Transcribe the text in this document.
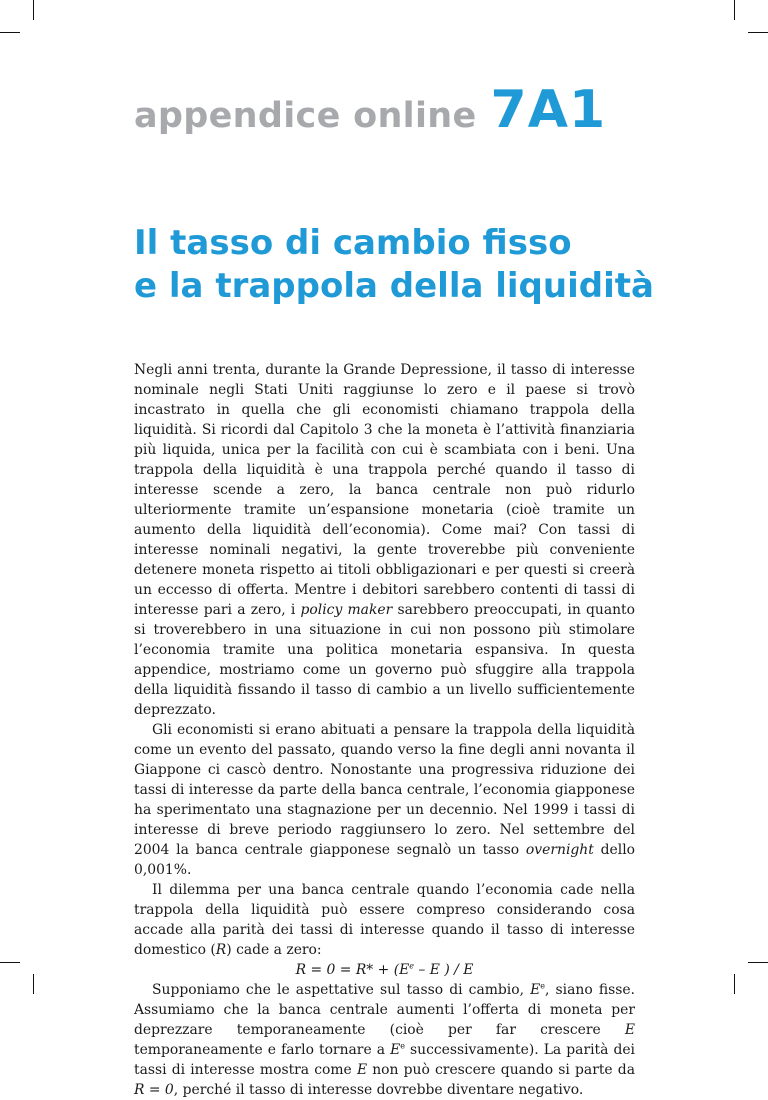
appendice online 7A1
Il tasso di cambio fisso
e la trappola della liquidità

Negli anni trenta, durante la Grande Depressione, il tasso di interesse nominale negli Stati Uniti raggiunse lo zero e il paese si trovò incastrato in quella che gli economisti chiamano trappola della liquidità. Si ricordi dal Capitolo 3 che la moneta è l’attività finanziaria più liquida, unica per la facilità con cui è scambiata con i beni. Una trappola della liquidità è una trappola perché quando il tasso di interesse scende a zero, la banca centrale non può ridurlo ulteriormente tramite un’espansione monetaria (cioè tramite un aumento della liquidità dell’economia). Come mai? Con tassi di interesse nominali negativi, la gente troverebbe più conveniente detenere moneta rispetto ai titoli obbligazionari e per questi si creerà un eccesso di offerta. Mentre i debitori sarebbero contenti di tassi di interesse pari a zero, i policy maker sarebbero preoccupati, in quanto si troverebbero in una situazione in cui non possono più stimolare l’economia tramite una politica monetaria espansiva. In questa appendice, mostriamo come un governo può sfuggire alla trappola della liquidità fissando il tasso di cambio a un livello sufficientemente deprezzato.

Gli economisti si erano abituati a pensare la trappola della liquidità come un evento del passato, quando verso la fine degli anni novanta il Giappone ci cascò dentro. Nonostante una progressiva riduzione dei tassi di interesse da parte della banca centrale, l’economia giapponese ha sperimentato una stagnazione per un decennio. Nel 1999 i tassi di interesse di breve periodo raggiunsero lo zero. Nel settembre del 2004 la banca centrale giapponese segnalò un tasso overnight dello 0,001%.

Il dilemma per una banca centrale quando l’economia cade nella trappola della liquidità può essere compreso considerando cosa accade alla parità dei tassi di interesse quando il tasso di interesse domestico (R) cade a zero:

$R = 0 = R* + (E^e - E$ ) / E

Supponiamo che le aspettative sul tasso di cambio, $E^e$, siano fisse. Assumiamo che la banca centrale aumenti l’offerta di moneta per deprezzare temporaneamente (cioè per far crescere E temporaneamente e farlo tornare a $E^e$ successivamente). La parità dei tassi di interesse mostra come E non può crescere quando si parte da R = 0, perché il tasso di interesse dovrebbe diventare negativo.
